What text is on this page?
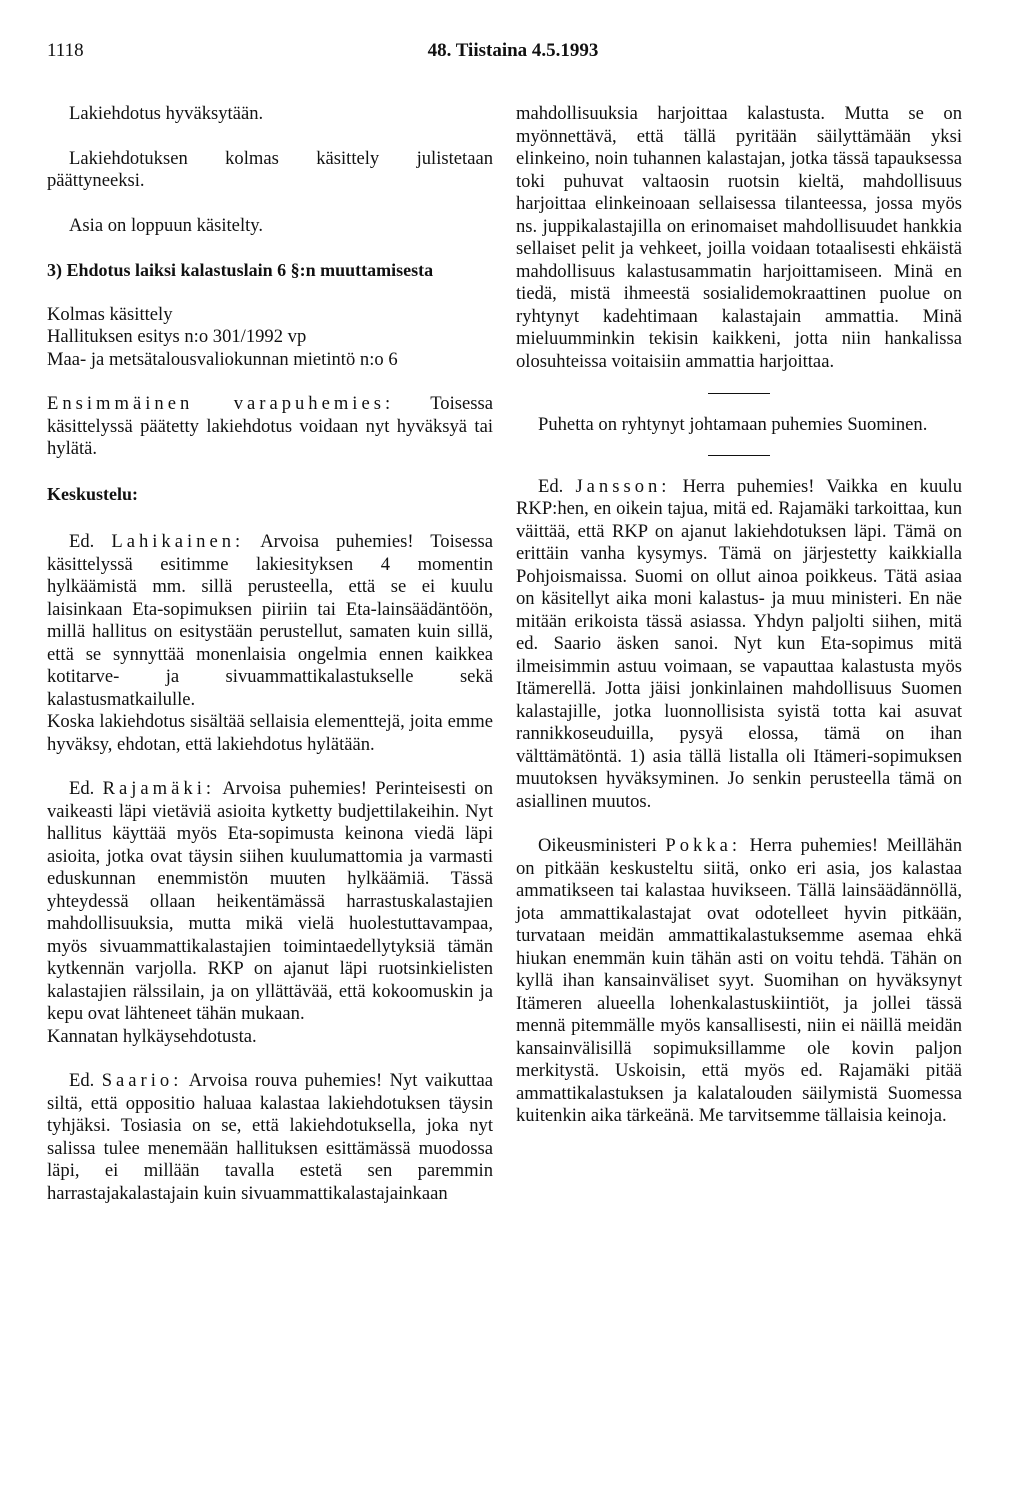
1118	48. Tiistaina 4.5.1993

Lakiehdotus hyväksytään.

Lakiehdotuksen kolmas käsittely julistetaan päättyneeksi.

Asia on loppuun käsitelty.

3) Ehdotus laiksi kalastuslain 6 §:n muuttamisesta

Kolmas käsittely

Hallituksen esitys n:o 301/1992 vp

Maa- ja metsätalousvaliokunnan mietintö n:o 6

Ensimmäinen varapuhemies: Toisessa käsittelyssä päätetty lakiehdotus voidaan nyt hyväksyä tai hylätä.

Keskustelu:

Ed. Lahikainen: Arvoisa puhemies! Toisessa käsittelyssä esitimme lakiesityksen 4 momentin hylkäämistä mm. sillä perusteella, että se ei kuulu laisinkaan Eta-sopimuksen piiriin tai Eta-lainsäädäntöön, millä hallitus on esitystään perustellut, samaten kuin sillä, että se synnyttää monenlaisia ongelmia ennen kaikkea kotitarve- ja sivuammattikalastukselle sekä kalastusmatkailulle.

Koska lakiehdotus sisältää sellaisia elementtejä, joita emme hyväksy, ehdotan, että lakiehdotus hylätään.

Ed. Rajamäki: Arvoisa puhemies! Perinteisesti on vaikeasti läpi vietäviä asioita kytketty budjettilakeihin. Nyt hallitus käyttää myös Eta-sopimusta keinona viedä läpi asioita, jotka ovat täysin siihen kuulumattomia ja varmasti eduskunnan enemmistön muuten hylkäämiä. Tässä yhteydessä ollaan heikentämässä harrastuskalastajien mahdollisuuksia, mutta mikä vielä huolestuttavampaa, myös sivuammattikalastajien toimintaedellytyksiä tämän kytkennän varjolla. RKP on ajanut läpi ruotsinkielisten kalastajien rälssilain, ja on yllättävää, että kokoomuskin ja kepu ovat lähteneet tähän mukaan.

Kannatan hylkäysehdotusta.

Ed. Saario: Arvoisa rouva puhemies! Nyt vaikuttaa siltä, että oppositio haluaa kalastaa lakiehdotuksen täysin tyhjäksi. Tosiasia on se, että lakiehdotuksella, joka nyt salissa tulee menemään hallituksen esittämässä muodossa läpi, ei millään tavalla estetä sen paremmin harrastajakalastajain kuin sivuammattikalastajainkaan

mahdollisuuksia harjoittaa kalastusta. Mutta se on myönnettävä, että tällä pyritään säilyttämään yksi elinkeino, noin tuhannen kalastajan, jotka tässä tapauksessa toki puhuvat valtaosin ruotsin kieltä, mahdollisuus harjoittaa elinkeinoaan sellaisessa tilanteessa, jossa myös ns. juppikalastajilla on erinomaiset mahdollisuudet hankkia sellaiset pelit ja vehkeet, joilla voidaan totaalisesti ehkäistä mahdollisuus kalastusammatin harjoittamiseen. Minä en tiedä, mistä ihmeestä sosialidemokraattinen puolue on ryhtynyt kadehtimaan kalastajain ammattia. Minä mieluumminkin tekisin kaikkeni, jotta niin hankalissa olosuhteissa voitaisiin ammattia harjoittaa.

Puhetta on ryhtynyt johtamaan puhemies Suominen.

Ed. Jansson: Herra puhemies! Vaikka en kuulu RKP:hen, en oikein tajua, mitä ed. Rajamäki tarkoittaa, kun väittää, että RKP on ajanut lakiehdotuksen läpi. Tämä on erittäin vanha kysymys. Tämä on järjestetty kaikkialla Pohjoismaissa. Suomi on ollut ainoa poikkeus. Tätä asiaa on käsitellyt aika moni kalastus- ja muu ministeri. En näe mitään erikoista tässä asiassa. Yhdyn paljolti siihen, mitä ed. Saario äsken sanoi. Nyt kun Eta-sopimus mitä ilmeisimmin astuu voimaan, se vapauttaa kalastusta myös Itämerellä. Jotta jäisi jonkinlainen mahdollisuus Suomen kalastajille, jotka luonnollisista syistä totta kai asuvat rannikkoseuduilla, pysyä elossa, tämä on ihan välttämätöntä. 1) asia tällä listalla oli Itämeri-sopimuksen muutoksen hyväksyminen. Jo senkin perusteella tämä on asiallinen muutos.

Oikeusministeri Pokka: Herra puhemies! Meillähän on pitkään keskusteltu siitä, onko eri asia, jos kalastaa ammatikseen tai kalastaa huvikseen. Tällä lainsäädännöllä, jota ammattikalastajat ovat odotelleet hyvin pitkään, turvataan meidän ammattikalastuksemme asemaa ehkä hiukan enemmän kuin tähän asti on voitu tehdä. Tähän on kyllä ihan kansainväliset syyt. Suomihan on hyväksynyt Itämeren alueella lohenkalastuskiintiöt, ja jollei tässä mennä pitemmälle myös kansallisesti, niin ei näillä meidän kansainvälisillä sopimuksillamme ole kovin paljon merkitystä. Uskoisin, että myös ed. Rajamäki pitää ammattikalastuksen ja kalatalouden säilymistä Suomessa kuitenkin aika tärkeänä. Me tarvitsemme tällaisia keinoja.
